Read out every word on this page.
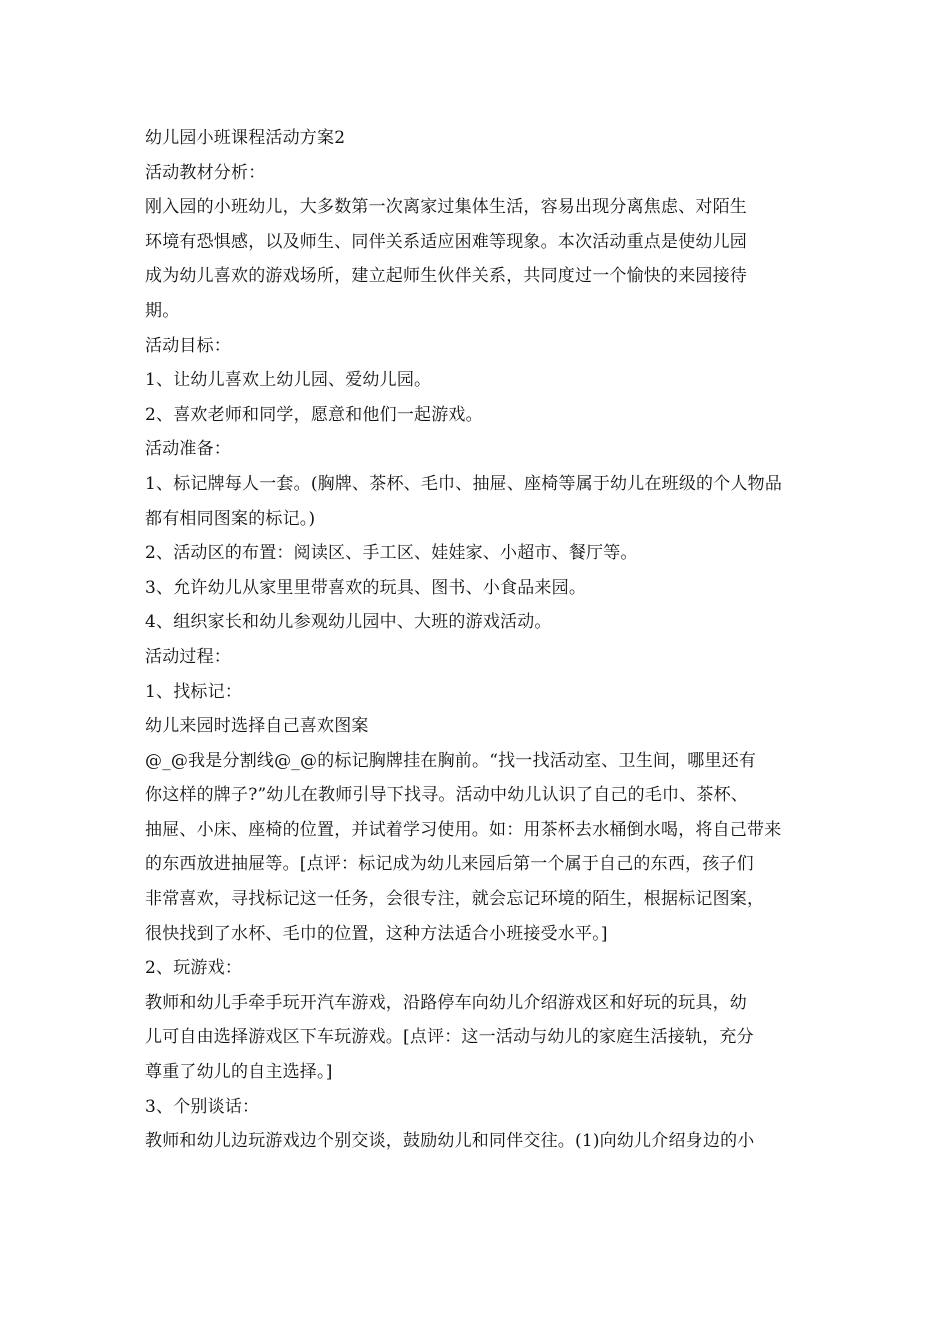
幼儿园小班课程活动方案2
活动教材分析：
刚入园的小班幼儿，大多数第一次离家过集体生活，容易出现分离焦虑、对陌生
环境有恐惧感，以及师生、同伴关系适应困难等现象。本次活动重点是使幼儿园
成为幼儿喜欢的游戏场所，建立起师生伙伴关系，共同度过一个愉快的来园接待
期。
活动目标：
1、让幼儿喜欢上幼儿园、爱幼儿园。
2、喜欢老师和同学，愿意和他们一起游戏。
活动准备：
1、标记牌每人一套。(胸牌、茶杯、毛巾、抽屉、座椅等属于幼儿在班级的个人物品
都有相同图案的标记。)
2、活动区的布置：阅读区、手工区、娃娃家、小超市、餐厅等。
3、允许幼儿从家里里带喜欢的玩具、图书、小食品来园。
4、组织家长和幼儿参观幼儿园中、大班的游戏活动。
活动过程：
1、找标记：
幼儿来园时选择自己喜欢图案
@_@我是分割线@_@的标记胸牌挂在胸前。“找一找活动室、卫生间，哪里还有
你这样的牌子?”幼儿在教师引导下找寻。活动中幼儿认识了自己的毛巾、茶杯、
抽屉、小床、座椅的位置，并试着学习使用。如：用茶杯去水桶倒水喝，将自己带来
的东西放进抽屉等。[点评：标记成为幼儿来园后第一个属于自己的东西，孩子们
非常喜欢，寻找标记这一任务，会很专注，就会忘记环境的陌生，根据标记图案，
很快找到了水杯、毛巾的位置，这种方法适合小班接受水平。]
2、玩游戏：
教师和幼儿手牵手玩开汽车游戏，沿路停车向幼儿介绍游戏区和好玩的玩具，幼
儿可自由选择游戏区下车玩游戏。[点评：这一活动与幼儿的家庭生活接轨，充分
尊重了幼儿的自主选择。]
3、个别谈话：
教师和幼儿边玩游戏边个别交谈，鼓励幼儿和同伴交往。(1)向幼儿介绍身边的小
